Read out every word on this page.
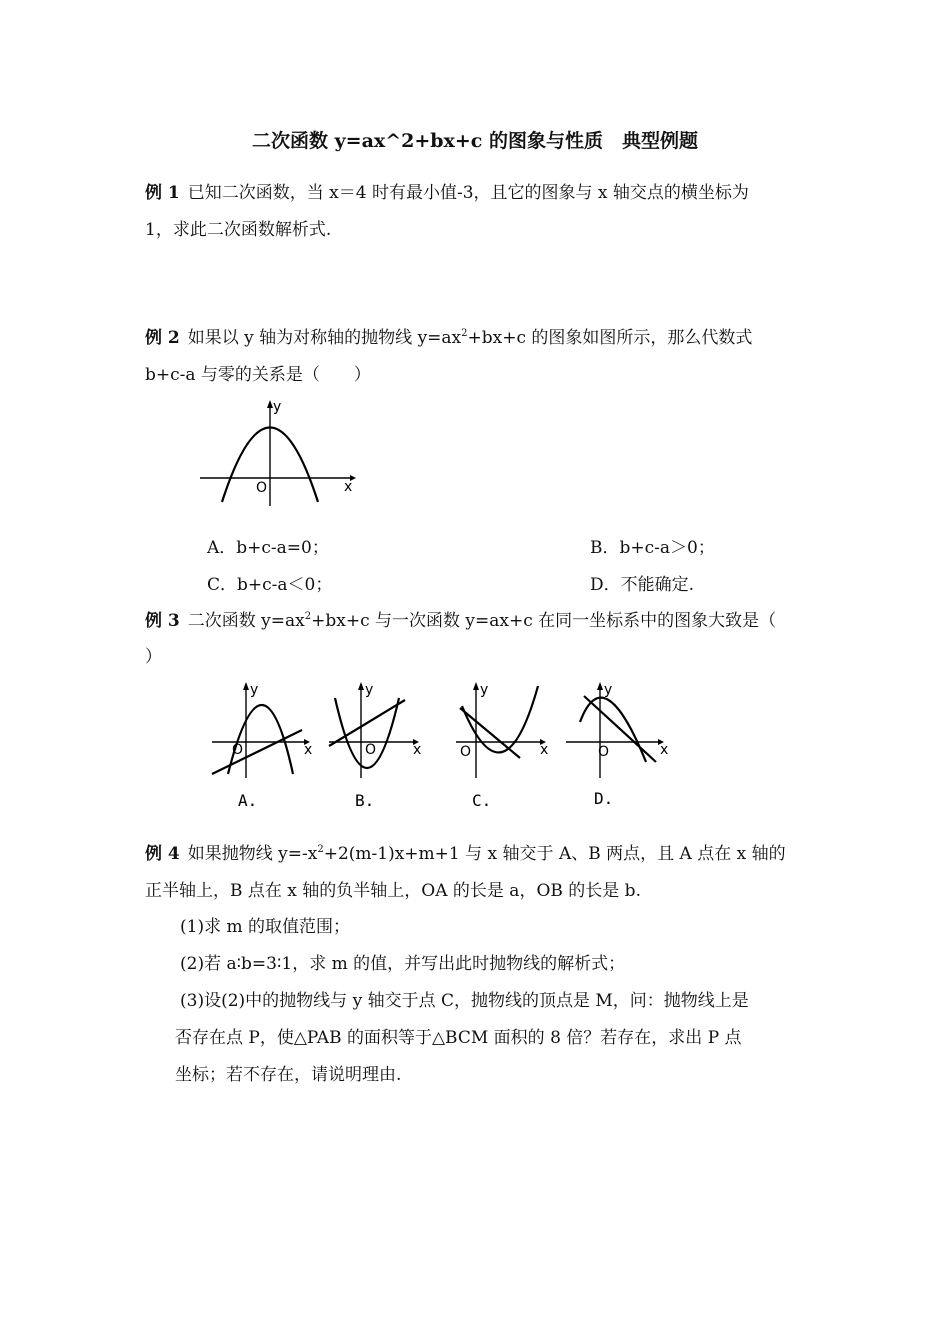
二次函数 y=ax^2+bx+c 的图象与性质　典型例题
例 1 已知二次函数，当 x＝4 时有最小值-3，且它的图象与 x 轴交点的横坐标为
1，求此二次函数解析式.
例 2 如果以 y 轴为对称轴的抛物线 $y=ax^2+bx+c$ 的图象如图所示，那么代数式
b+c-a 与零的关系是（　　）
y
x
O
A．b+c-a=0；	B．b+c-a＞0；
C．b+c-a＜0；	D．不能确定.
例 3 二次函数 $y=ax^2+bx+c$ 与一次函数 y=ax+c 在同一坐标系中的图象大致是（
）
y
x
O
A.
y
x
O
B.
y
x
O
C.
y
x
O
D.
例 4 如果抛物线 $y=-x^2+2(m-1)x+m+1$ 与 x 轴交于 A、B 两点，且 A 点在 x 轴的
正半轴上，B 点在 x 轴的负半轴上，OA 的长是 a，OB 的长是 b.
(1)求 m 的取值范围；
(2)若 a∶b=3∶1，求 m 的值，并写出此时抛物线的解析式；
(3)设(2)中的抛物线与 y 轴交于点 C，抛物线的顶点是 M，问：抛物线上是
否存在点 P，使△PAB 的面积等于△BCM 面积的 8 倍？若存在，求出 P 点
坐标；若不存在，请说明理由.
